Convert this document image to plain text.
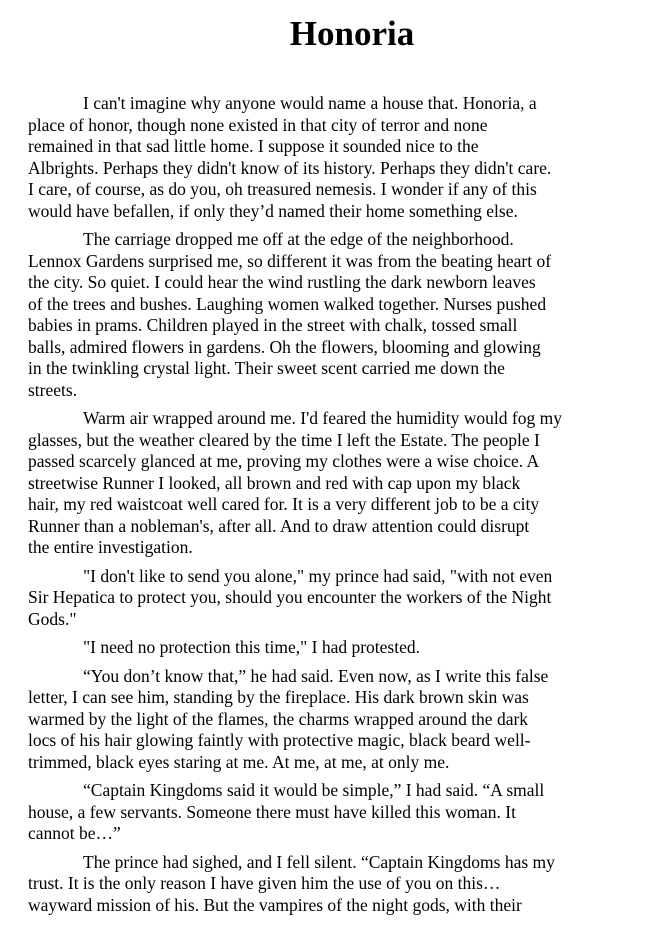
Honoria

I can't imagine why anyone would name a house that. Honoria, a
place of honor, though none existed in that city of terror and none
remained in that sad little home. I suppose it sounded nice to the
Albrights. Perhaps they didn't know of its history. Perhaps they didn't care.
I care, of course, as do you, oh treasured nemesis. I wonder if any of this
would have befallen, if only they’d named their home something else.

The carriage dropped me off at the edge of the neighborhood.
Lennox Gardens surprised me, so different it was from the beating heart of
the city. So quiet. I could hear the wind rustling the dark newborn leaves
of the trees and bushes. Laughing women walked together. Nurses pushed
babies in prams. Children played in the street with chalk, tossed small
balls, admired flowers in gardens. Oh the flowers, blooming and glowing
in the twinkling crystal light. Their sweet scent carried me down the
streets.

Warm air wrapped around me. I'd feared the humidity would fog my
glasses, but the weather cleared by the time I left the Estate. The people I
passed scarcely glanced at me, proving my clothes were a wise choice. A
streetwise Runner I looked, all brown and red with cap upon my black
hair, my red waistcoat well cared for. It is a very different job to be a city
Runner than a nobleman's, after all. And to draw attention could disrupt
the entire investigation.

"I don't like to send you alone," my prince had said, "with not even
Sir Hepatica to protect you, should you encounter the workers of the Night
Gods."

"I need no protection this time," I had protested.

“You don’t know that,” he had said. Even now, as I write this false
letter, I can see him, standing by the fireplace. His dark brown skin was
warmed by the light of the flames, the charms wrapped around the dark
locs of his hair glowing faintly with protective magic, black beard well-
trimmed, black eyes staring at me. At me, at me, at only me.

“Captain Kingdoms said it would be simple,” I had said. “A small
house, a few servants. Someone there must have killed this woman. It
cannot be…”

The prince had sighed, and I fell silent. “Captain Kingdoms has my
trust. It is the only reason I have given him the use of you on this…
wayward mission of his. But the vampires of the night gods, with their
